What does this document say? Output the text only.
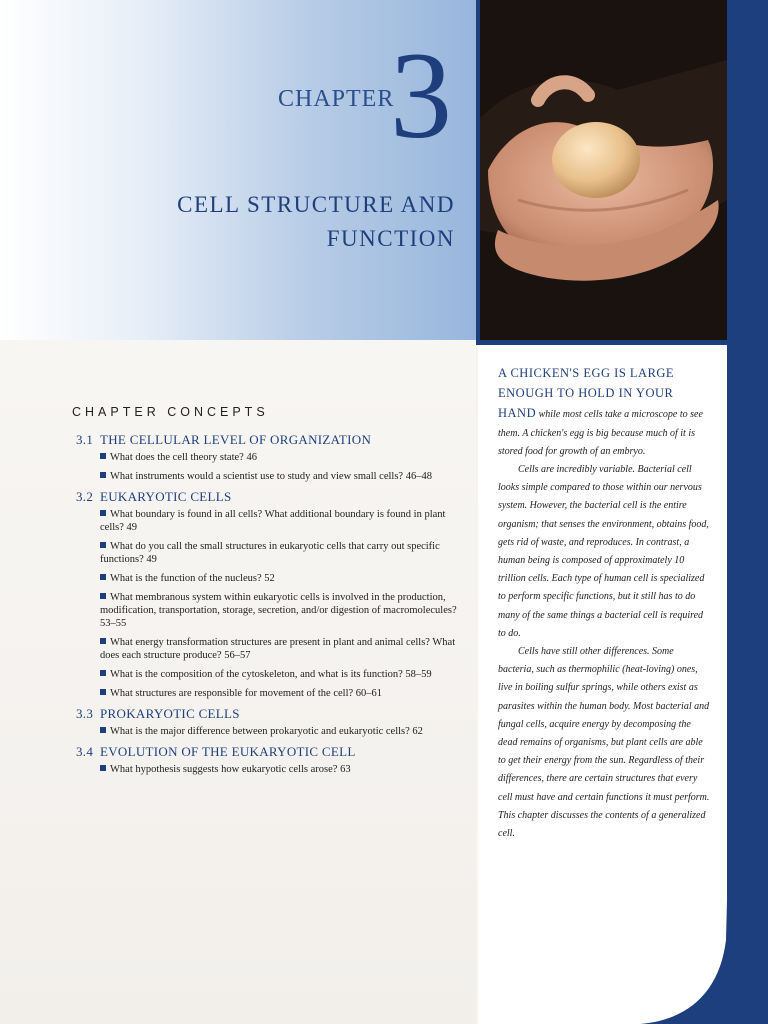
CHAPTER
3
CELL STRUCTURE AND
FUNCTION
CHAPTER CONCEPTS
3.1 THE CELLULAR LEVEL OF ORGANIZATION
What does the cell theory state? 46
What instruments would a scientist use to study and view small cells? 46–48
3.2 EUKARYOTIC CELLS
What boundary is found in all cells? What additional boundary is found in plant cells? 49
What do you call the small structures in eukaryotic cells that carry out specific functions? 49
What is the function of the nucleus? 52
What membranous system within eukaryotic cells is involved in the production, modification, transportation, storage, secretion, and/or digestion of macromolecules? 53–55
What energy transformation structures are present in plant and animal cells? What does each structure produce? 56–57
What is the composition of the cytoskeleton, and what is its function? 58–59
What structures are responsible for movement of the cell? 60–61
3.3 PROKARYOTIC CELLS
What is the major difference between prokaryotic and eukaryotic cells? 62
3.4 EVOLUTION OF THE EUKARYOTIC CELL
What hypothesis suggests how eukaryotic cells arose? 63
A CHICKEN'S EGG IS LARGE ENOUGH TO HOLD IN YOUR HAND while most cells take a microscope to see them. A chicken's egg is big because much of it is stored food for growth of an embryo.

Cells are incredibly variable. Bacterial cell looks simple compared to those within our nervous system. However, the bacterial cell is the entire organism; that senses the environment, obtains food, gets rid of waste, and reproduces. In contrast, a human being is composed of approximately 10 trillion cells. Each type of human cell is specialized to perform specific functions, but it still has to do many of the same things a bacterial cell is required to do.

Cells have still other differences. Some bacteria, such as thermophilic (heat-loving) ones, live in boiling sulfur springs, while others exist as parasites within the human body. Most bacterial and fungal cells, acquire energy by decomposing the dead remains of organisms, but plant cells are able to get their energy from the sun. Regardless of their differences, there are certain structures that every cell must have and certain functions it must perform. This chapter discusses the contents of a generalized cell.
